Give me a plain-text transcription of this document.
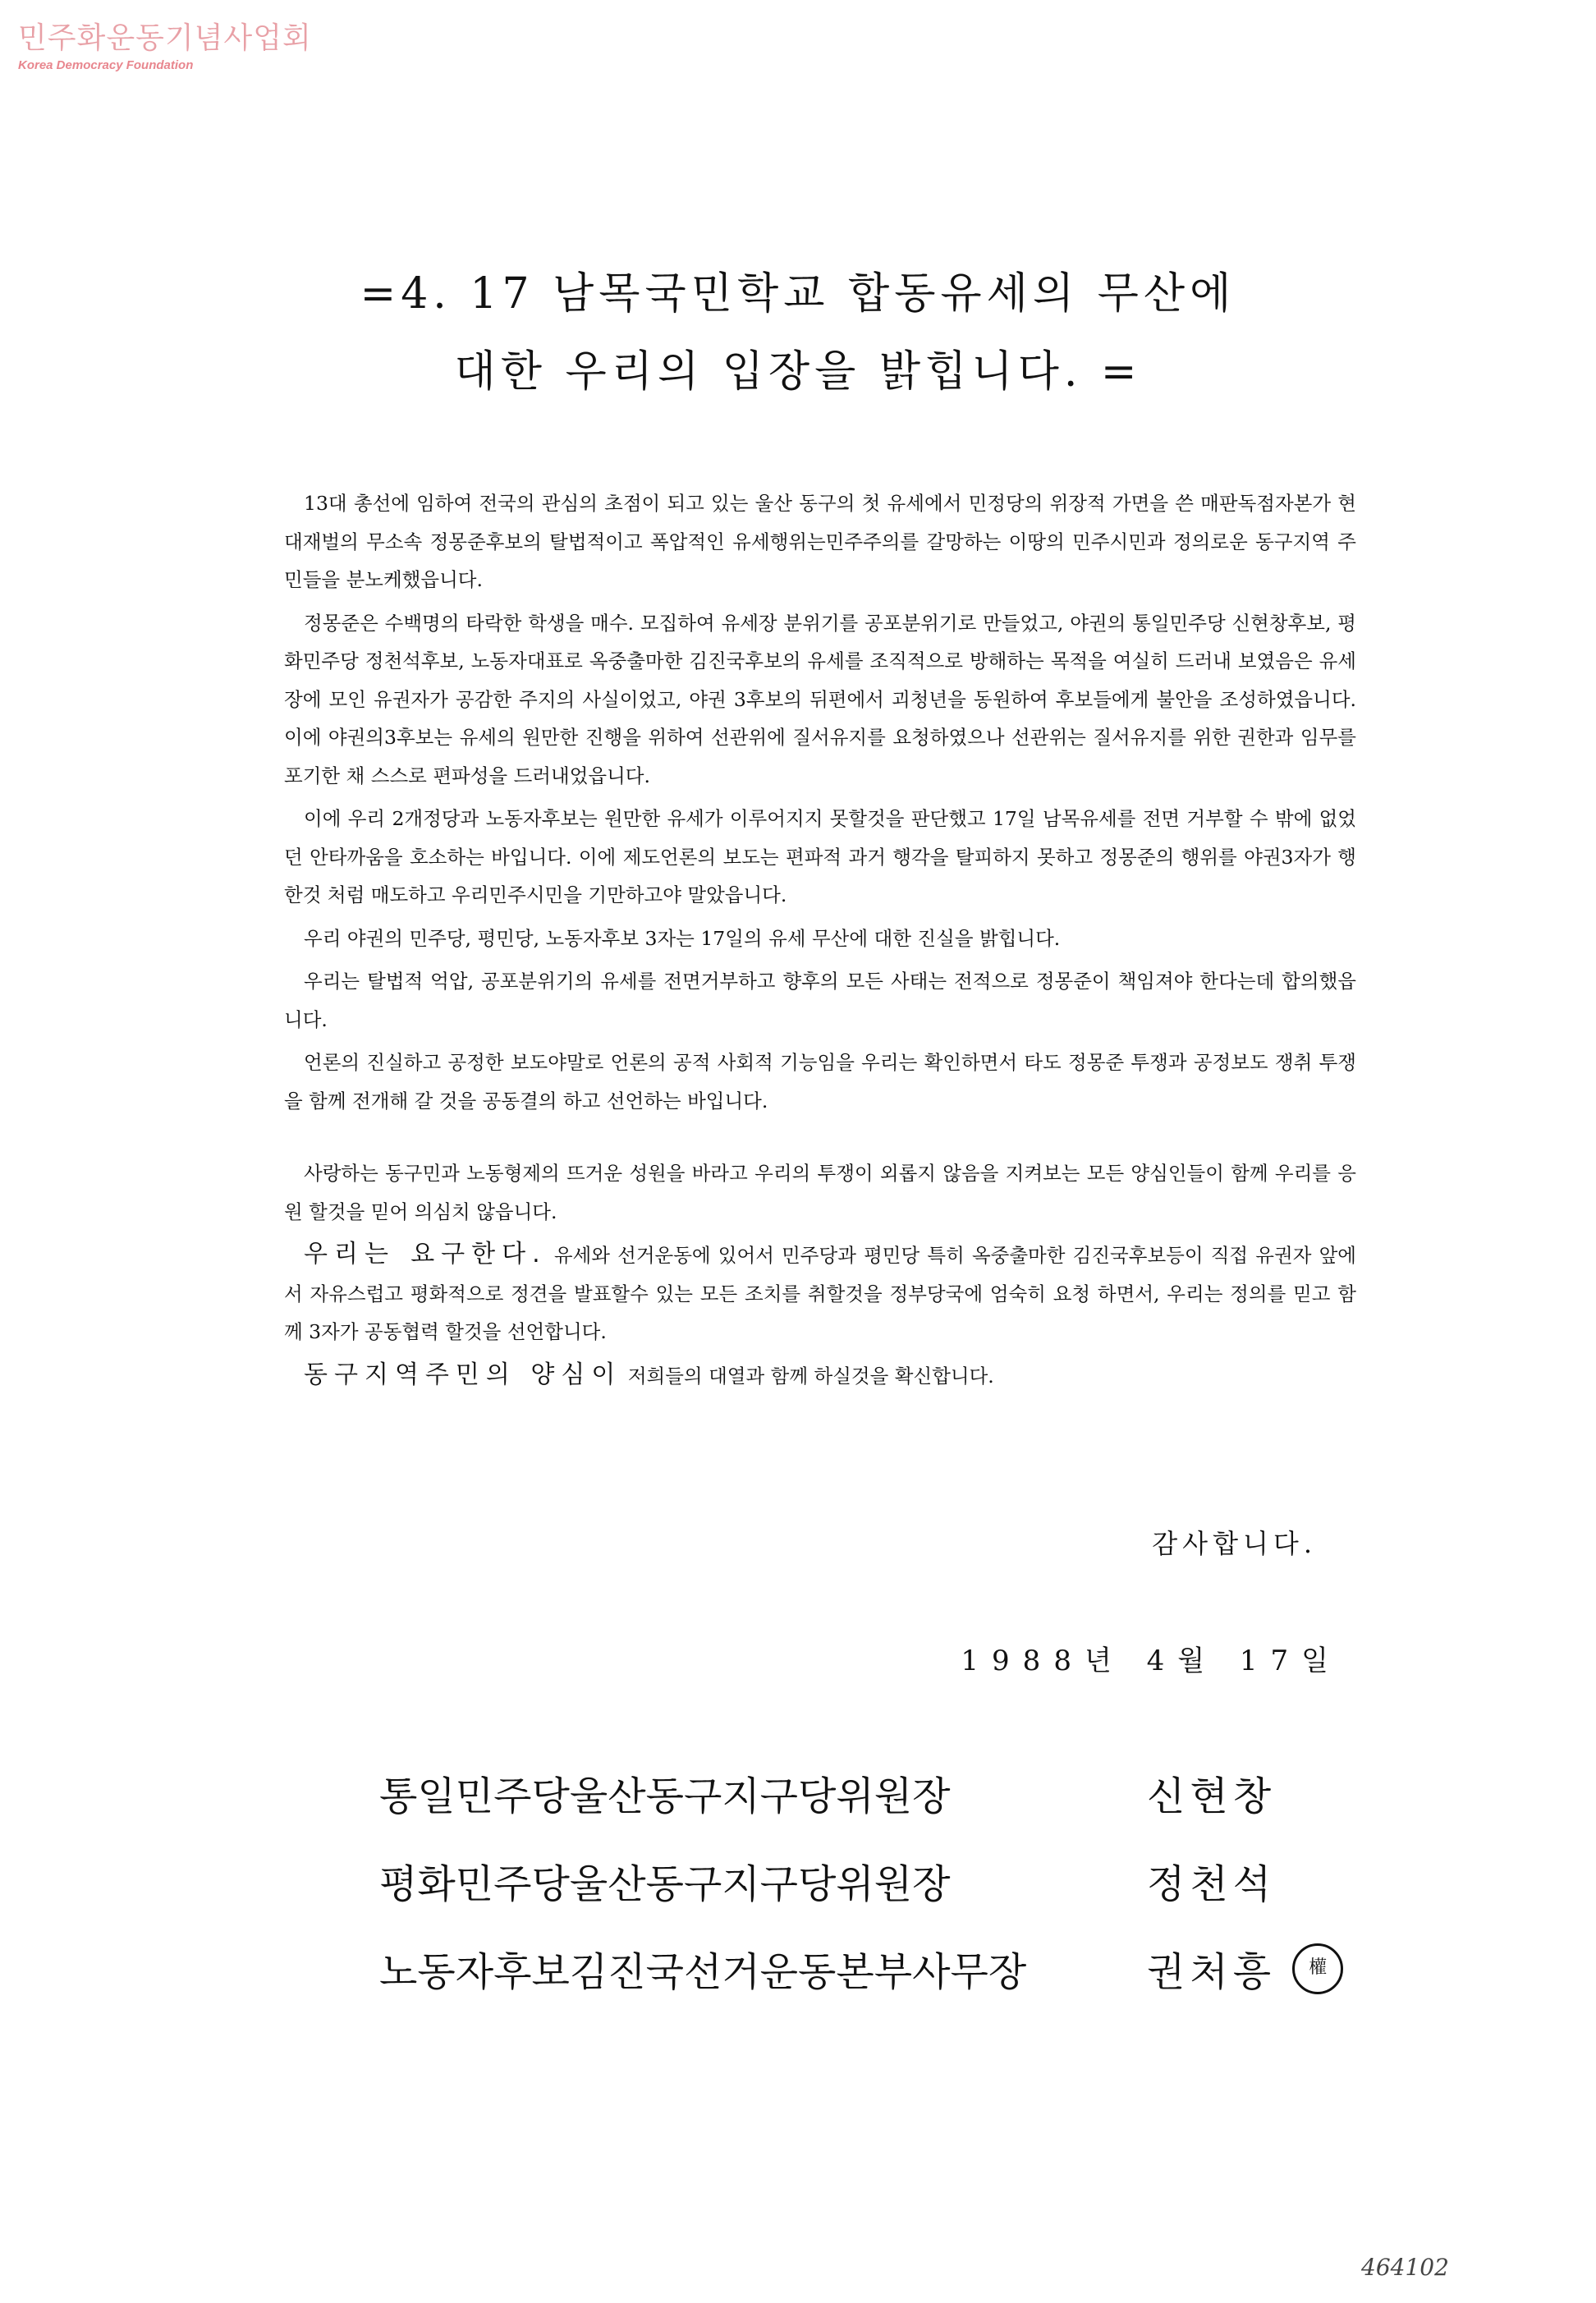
민주화운동기념사업회
Korea Democracy Foundation
=4. 17 남목국민학교 합동유세의 무산에
대한 우리의 입장을 밝힙니다. =

13대 총선에 임하여 전국의 관심의 초점이 되고 있는 울산 동구의 첫 유세에서 민정당의 위장적 가면을 쓴 매판독점자본가 현대재벌의 무소속 정몽준후보의 탈법적이고 폭압적인 유세행위는민주주의를 갈망하는 이땅의 민주시민과 정의로운 동구지역 주민들을 분노케했읍니다.

정몽준은 수백명의 타락한 학생을 매수. 모집하여 유세장 분위기를 공포분위기로 만들었고, 야권의 통일민주당 신현창후보, 평화민주당 정천석후보, 노동자대표로 옥중출마한 김진국후보의 유세를 조직적으로 방해하는 목적을 여실히 드러내 보였음은 유세장에 모인 유권자가 공감한 주지의 사실이었고, 야권 3후보의 뒤편에서 괴청년을 동원하여 후보들에게 불안을 조성하였읍니다. 이에 야권의3후보는 유세의 원만한 진행을 위하여 선관위에 질서유지를 요청하였으나 선관위는 질서유지를 위한 권한과 임무를 포기한 채 스스로 편파성을 드러내었읍니다.

이에 우리 2개정당과 노동자후보는 원만한 유세가 이루어지지 못할것을 판단했고 17일 남목유세를 전면 거부할 수 밖에 없었던 안타까움을 호소하는 바입니다. 이에 제도언론의 보도는 편파적 과거 행각을 탈피하지 못하고 정몽준의 행위를 야권3자가 행한것 처럼 매도하고 우리민주시민을 기만하고야 말았읍니다.

우리 야권의 민주당, 평민당, 노동자후보 3자는 17일의 유세 무산에 대한 진실을 밝힙니다.

우리는 탈법적 억압, 공포분위기의 유세를 전면거부하고 향후의 모든 사태는 전적으로 정몽준이 책임져야 한다는데 합의했읍니다.

언론의 진실하고 공정한 보도야말로 언론의 공적 사회적 기능임을 우리는 확인하면서 타도 정몽준 투쟁과 공정보도 쟁취 투쟁을 함께 전개해 갈 것을 공동결의 하고 선언하는 바입니다.

사랑하는 동구민과 노동형제의 뜨거운 성원을 바라고 우리의 투쟁이 외롭지 않음을 지켜보는 모든 양심인들이 함께 우리를 응원 할것을 믿어 의심치 않읍니다.

우리는 요구한다. 유세와 선거운동에 있어서 민주당과 평민당 특히 옥중출마한 김진국후보등이 직접 유권자 앞에서 자유스럽고 평화적으로 정견을 발표할수 있는 모든 조치를 취할것을 정부당국에 엄숙히 요청 하면서, 우리는 정의를 믿고 함께 3자가 공동협력 할것을 선언합니다.

동구지역주민의 양심이 저희들의 대열과 함께 하실것을 확신합니다.

감사합니다.
1988년 4월 17일
통일민주당울산동구지구당위원장	신현창
평화민주당울산동구지구당위원장	정천석
노동자후보김진국선거운동본부사무장	권처흥	權
464102
